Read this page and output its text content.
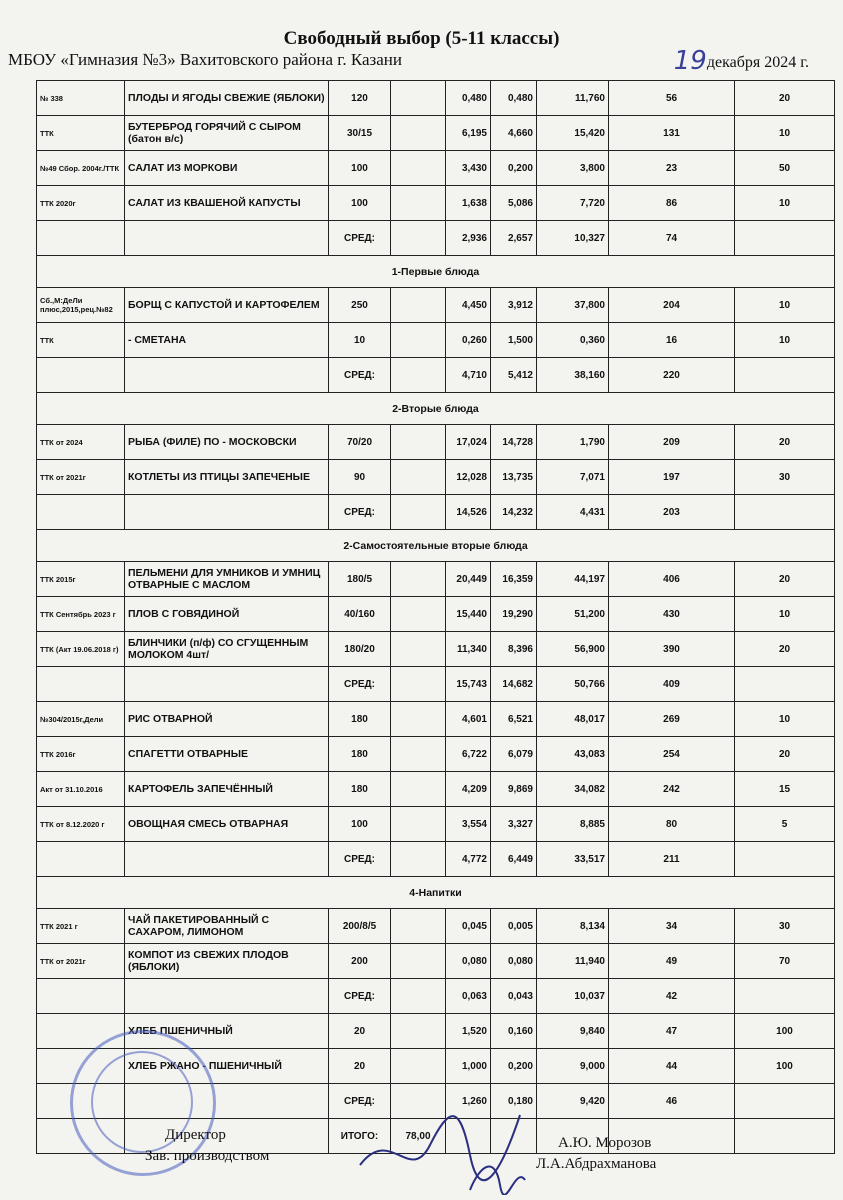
Свободный выбор (5-11 классы)
МБОУ «Гимназия №3» Вахитовского района г. Казани	19декабря 2024 г.
№ 338	ПЛОДЫ И ЯГОДЫ СВЕЖИЕ (ЯБЛОКИ)	120		0,480	0,480	11,760	56	20
ТТК	БУТЕРБРОД ГОРЯЧИЙ С СЫРОМ (батон в/с)	30/15		6,195	4,660	15,420	131	10
№49 Сбор. 2004г./ТТК	САЛАТ ИЗ МОРКОВИ	100		3,430	0,200	3,800	23	50
ТТК 2020г	САЛАТ ИЗ КВАШЕНОЙ КАПУСТЫ	100		1,638	5,086	7,720	86	10
		СРЕД:		2,936	2,657	10,327	74	
1-Первые блюда								
Сб.,М:ДеЛи плюс,2015,рец.№82	БОРЩ С КАПУСТОЙ И КАРТОФЕЛЕМ	250		4,450	3,912	37,800	204	10
ТТК	- СМЕТАНА	10		0,260	1,500	0,360	16	10
		СРЕД:		4,710	5,412	38,160	220	
2-Вторые блюда								
ТТК от 2024	РЫБА (ФИЛЕ) ПО - МОСКОВСКИ	70/20		17,024	14,728	1,790	209	20
ТТК от 2021г	КОТЛЕТЫ ИЗ ПТИЦЫ ЗАПЕЧЕНЫЕ	90		12,028	13,735	7,071	197	30
		СРЕД:		14,526	14,232	4,431	203	
2-Самостоятельные вторые блюда								
ТТК 2015г	ПЕЛЬМЕНИ ДЛЯ УМНИКОВ И УМНИЦ ОТВАРНЫЕ С МАСЛОМ	180/5		20,449	16,359	44,197	406	20
ТТК Сентябрь 2023 г	ПЛОВ С ГОВЯДИНОЙ	40/160		15,440	19,290	51,200	430	10
ТТК (Акт 19.06.2018 г)	БЛИНЧИКИ (п/ф) СО СГУЩЕННЫМ МОЛОКОМ 4шт/	180/20		11,340	8,396	56,900	390	20
		СРЕД:		15,743	14,682	50,766	409	
№304/2015г,Дели	РИС ОТВАРНОЙ	180		4,601	6,521	48,017	269	10
ТТК 2016г	СПАГЕТТИ ОТВАРНЫЕ	180		6,722	6,079	43,083	254	20
Акт от 31.10.2016	КАРТОФЕЛЬ ЗАПЕЧЁННЫЙ	180		4,209	9,869	34,082	242	15
ТТК от 8.12.2020 г	ОВОЩНАЯ СМЕСЬ ОТВАРНАЯ	100		3,554	3,327	8,885	80	5
		СРЕД:		4,772	6,449	33,517	211	
4-Напитки								
ТТК 2021 г	ЧАЙ ПАКЕТИРОВАННЫЙ С САХАРОМ, ЛИМОНОМ	200/8/5		0,045	0,005	8,134	34	30
ТТК от 2021г	КОМПОТ ИЗ СВЕЖИХ ПЛОДОВ (ЯБЛОКИ)	200		0,080	0,080	11,940	49	70
		СРЕД:		0,063	0,043	10,037	42	
	ХЛЕБ ПШЕНИЧНЫЙ	20		1,520	0,160	9,840	47	100
	ХЛЕБ РЖАНО - ПШЕНИЧНЫЙ	20		1,000	0,200	9,000	44	100
		СРЕД:		1,260	0,180	9,420	46	
		ИТОГО:	78,00					
Директор
Зав. производством
А.Ю. Морозов
Л.А.Абдрахманова
